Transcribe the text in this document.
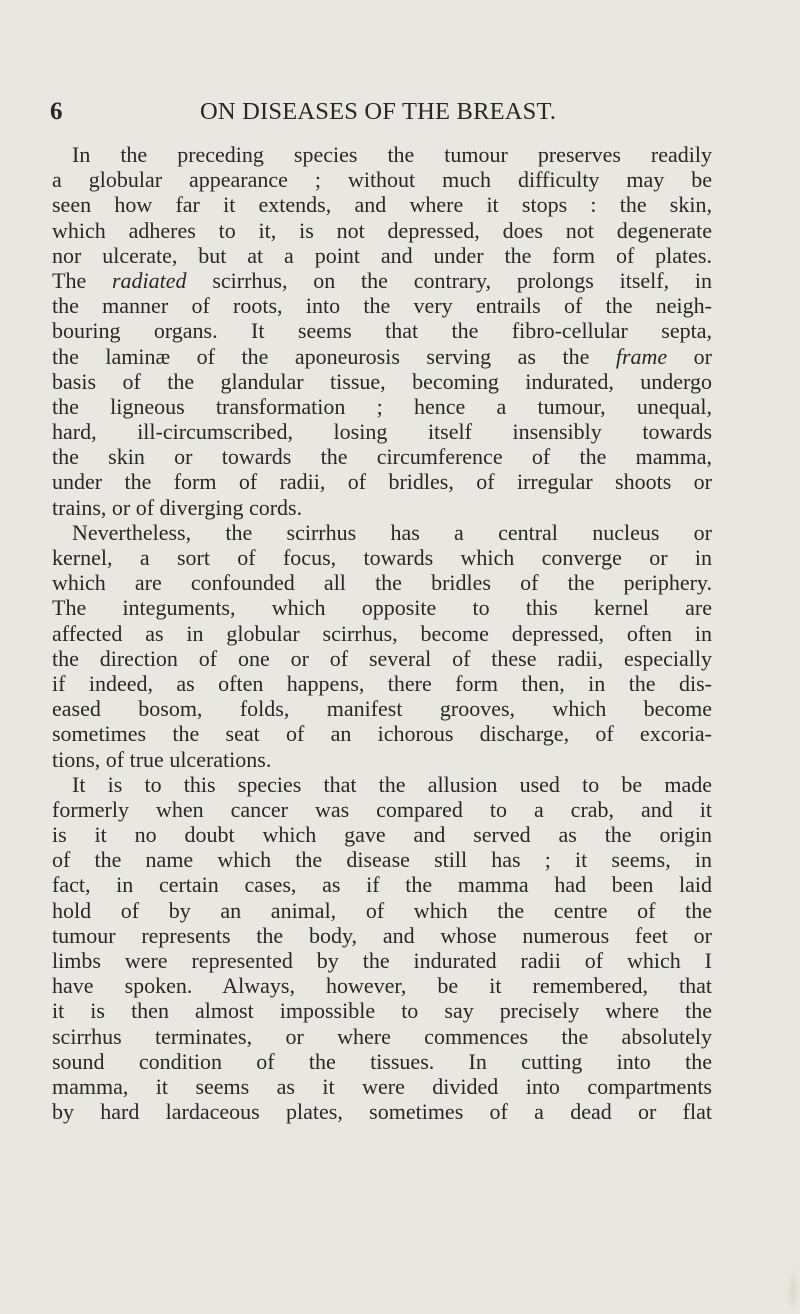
6	ON DISEASES OF THE BREAST.
In the preceding species the tumour preserves readily
a globular appearance ; without much difficulty may be
seen how far it extends, and where it stops : the skin,
which adheres to it, is not depressed, does not degenerate
nor ulcerate, but at a point and under the form of plates.
The radiated scirrhus, on the contrary, prolongs itself, in
the manner of roots, into the very entrails of the neigh-
bouring organs. It seems that the fibro-cellular septa,
the laminæ of the aponeurosis serving as the frame or
basis of the glandular tissue, becoming indurated, undergo
the ligneous transformation ; hence a tumour, unequal,
hard, ill-circumscribed, losing itself insensibly towards
the skin or towards the circumference of the mamma,
under the form of radii, of bridles, of irregular shoots or
trains, or of diverging cords.
Nevertheless, the scirrhus has a central nucleus or
kernel, a sort of focus, towards which converge or in
which are confounded all the bridles of the periphery.
The integuments, which opposite to this kernel are
affected as in globular scirrhus, become depressed, often in
the direction of one or of several of these radii, especially
if indeed, as often happens, there form then, in the dis-
eased bosom, folds, manifest grooves, which become
sometimes the seat of an ichorous discharge, of excoria-
tions, of true ulcerations.
It is to this species that the allusion used to be made
formerly when cancer was compared to a crab, and it
is it no doubt which gave and served as the origin
of the name which the disease still has ; it seems, in
fact, in certain cases, as if the mamma had been laid
hold of by an animal, of which the centre of the
tumour represents the body, and whose numerous feet or
limbs were represented by the indurated radii of which I
have spoken. Always, however, be it remembered, that
it is then almost impossible to say precisely where the
scirrhus terminates, or where commences the absolutely
sound condition of the tissues. In cutting into the
mamma, it seems as it were divided into compartments
by hard lardaceous plates, sometimes of a dead or flat
